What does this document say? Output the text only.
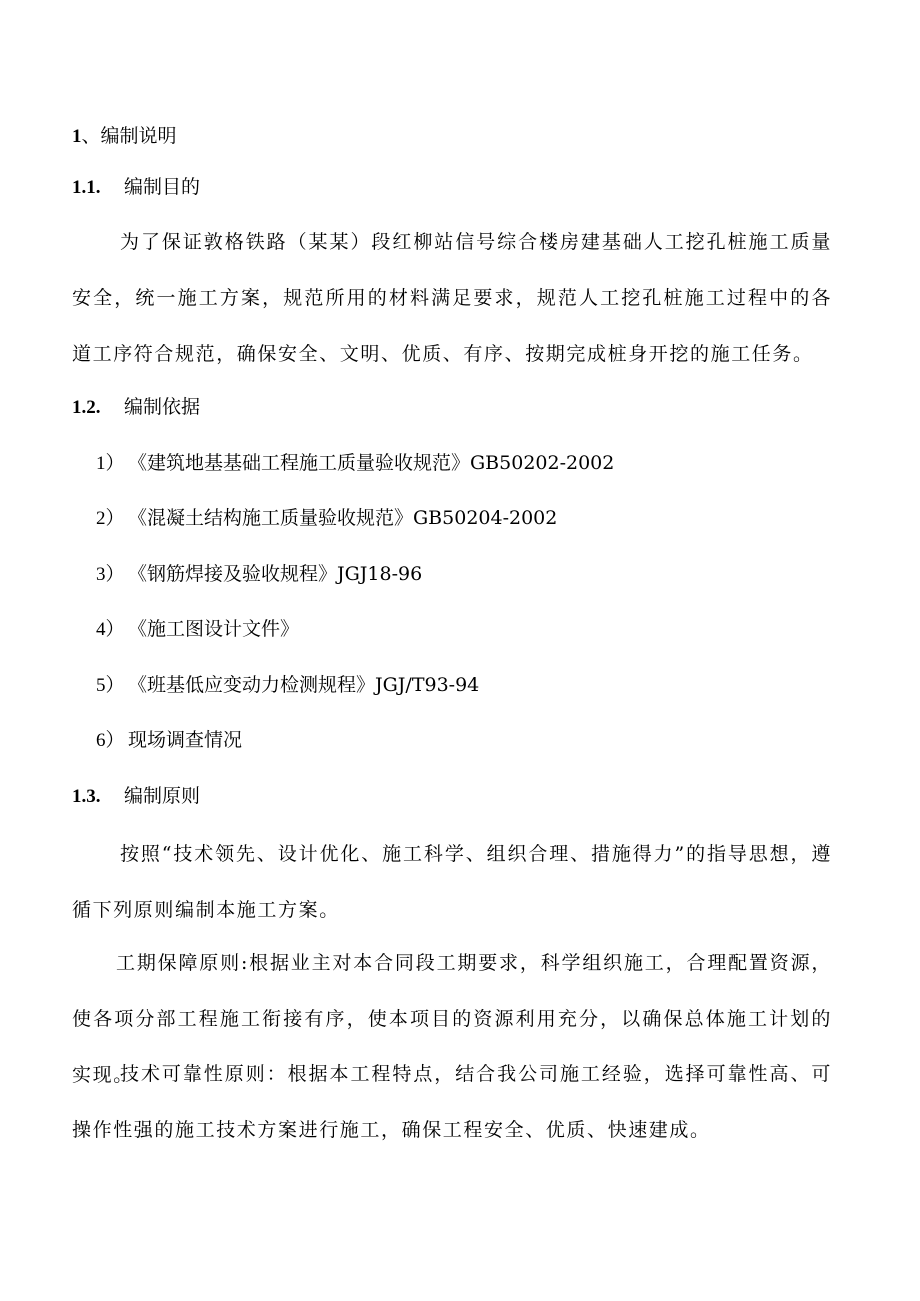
1、编制说明
1.1. 编制目的

为了保证敦格铁路（某某）段红柳站信号综合楼房建基础人工挖孔桩施工质量安全，统一施工方案，规范所用的材料满足要求，规范人工挖孔桩施工过程中的各道工序符合规范，确保安全、文明、优质、有序、按期完成桩身开挖的施工任务。

1.2. 编制依据
1） 《建筑地基基础工程施工质量验收规范》GB50202-2002
2） 《混凝土结构施工质量验收规范》GB50204-2002
3） 《钢筋焊接及验收规程》JGJ18-96
4） 《施工图设计文件》
5） 《班基低应变动力检测规程》JGJ/T93-94
6） 现场调查情况
1.3. 编制原则

按照“技术领先、设计优化、施工科学、组织合理、措施得力”的指导思想，遵循下列原则编制本施工方案。

工期保障原则:根据业主对本合同段工期要求，科学组织施工，合理配置资源，使各项分部工程施工衔接有序，使本项目的资源利用充分，以确保总体施工计划的实现。

技术可靠性原则：根据本工程特点，结合我公司施工经验，选择可靠性高、可操作性强的施工技术方案进行施工，确保工程安全、优质、快速建成。
